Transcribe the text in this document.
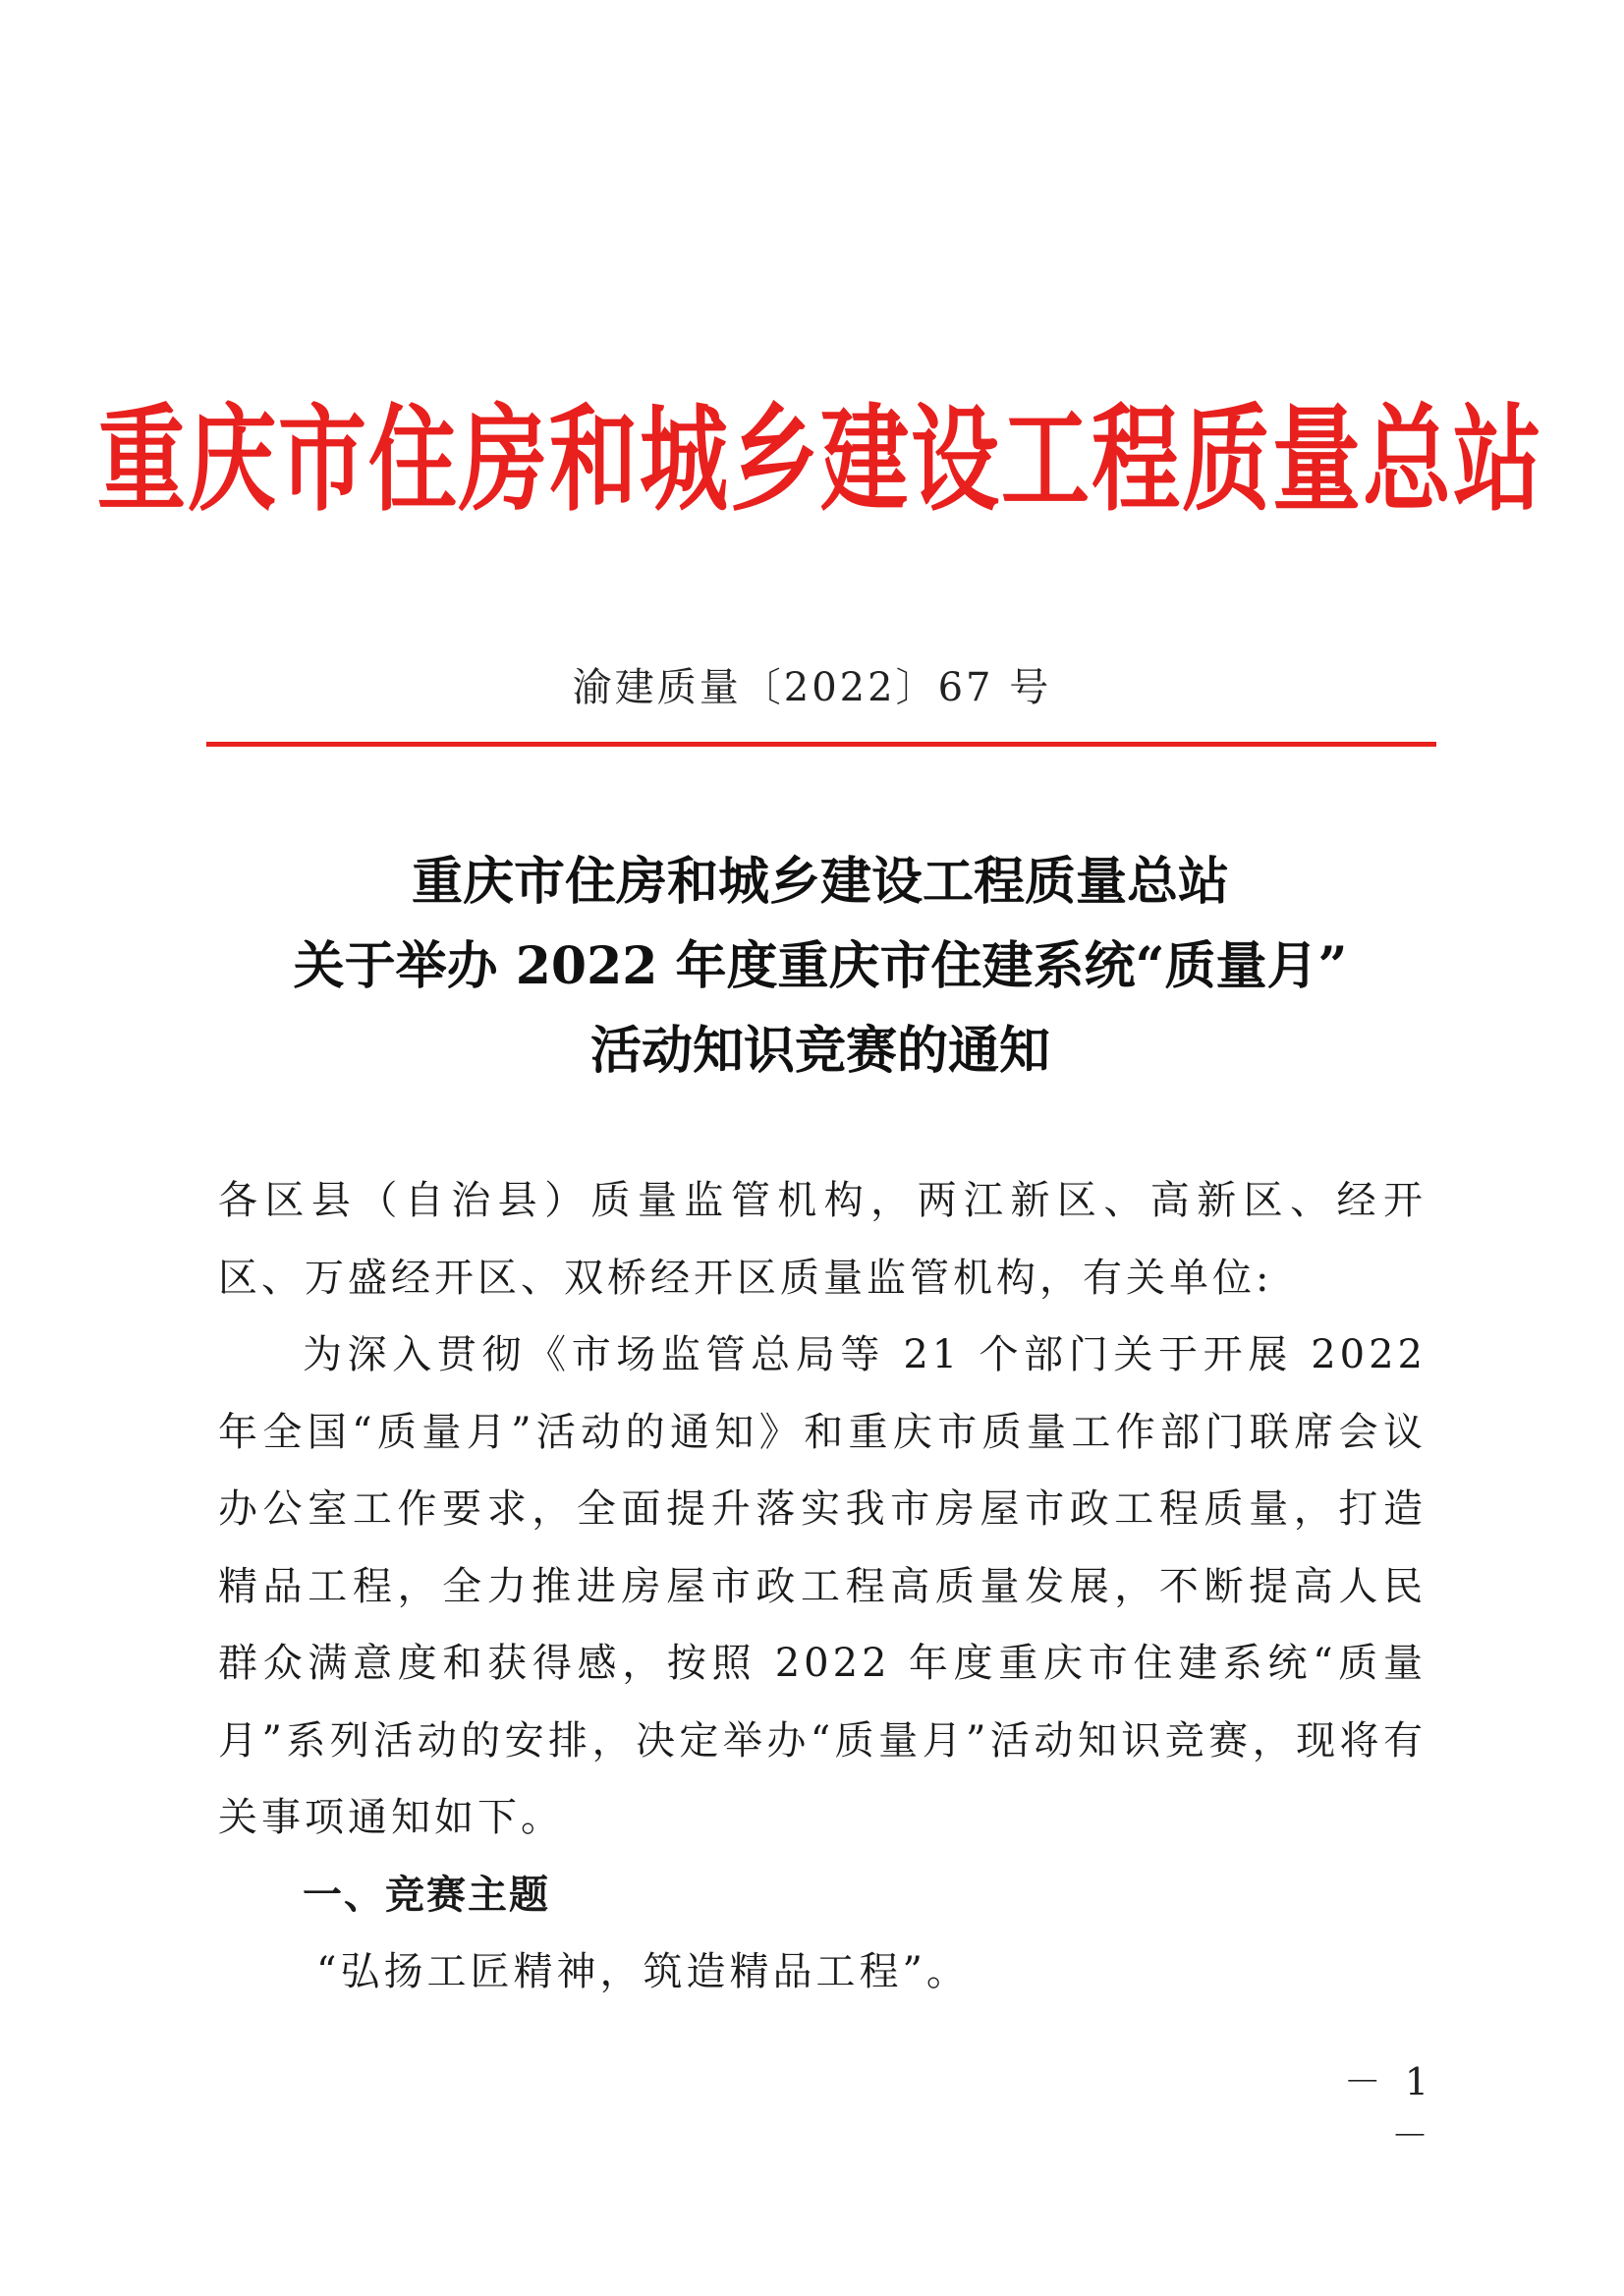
重庆市住房和城乡建设工程质量总站
渝建质量〔2022〕67 号
重庆市住房和城乡建设工程质量总站
关于举办 2022 年度重庆市住建系统“质量月”
活动知识竞赛的通知

各区县（自治县）质量监管机构，两江新区、高新区、经开区、万盛经开区、双桥经开区质量监管机构，有关单位:

为深入贯彻《市场监管总局等 21 个部门关于开展 2022 年全国“质量月”活动的通知》和重庆市质量工作部门联席会议办公室工作要求，全面提升落实我市房屋市政工程质量，打造精品工程，全力推进房屋市政工程高质量发展，不断提高人民群众满意度和获得感，按照 2022 年度重庆市住建系统“质量月”系列活动的安排，决定举办“质量月”活动知识竞赛，现将有关事项通知如下。

一、竞赛主题

“弘扬工匠精神，筑造精品工程”。

－ 1 －
